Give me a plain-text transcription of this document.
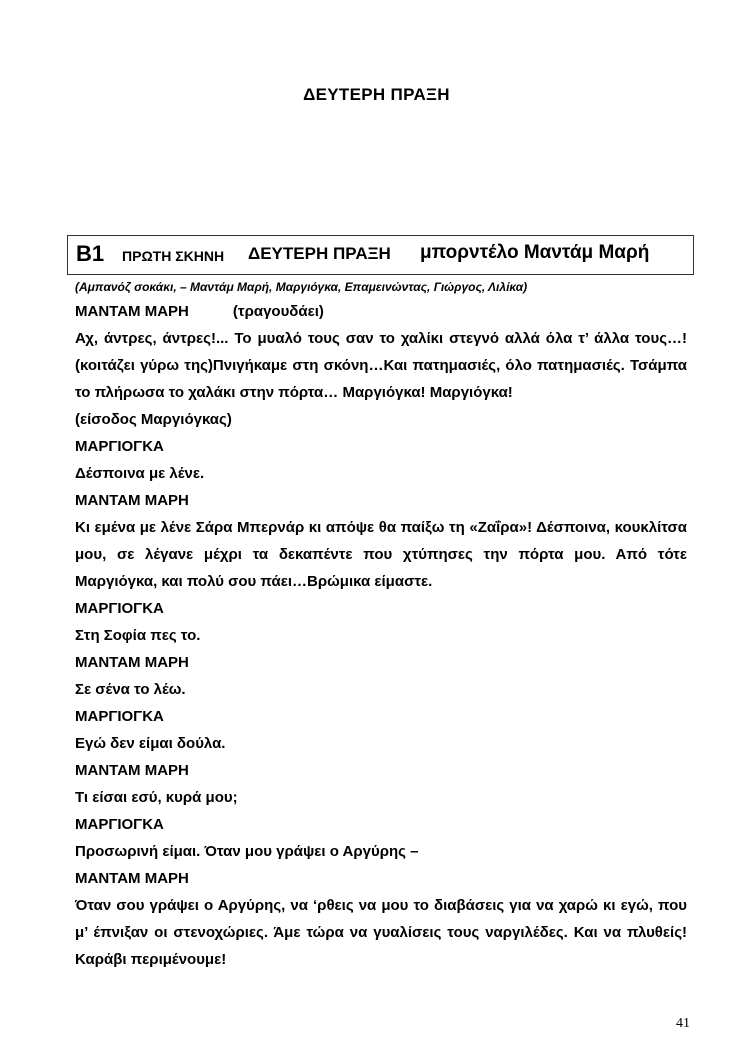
ΔΕΥΤΕΡΗ ΠΡΑΞΗ
Β1 ΠΡΩΤΗ ΣΚΗΝΗ ΔΕΥΤΕΡΗ ΠΡΑΞΗ μπορντέλο Μαντάμ Μαρή
(Αμπανόζ σοκάκι, – Μαντάμ Μαρή, Μαργιόγκα, Επαμεινώντας, Γιώργος, Λιλίκα)

ΜΑΝΤΑΜ ΜΑΡΗ	(τραγουδάει)

Αχ, άντρες, άντρες!... Το μυαλό τους σαν το χαλίκι στεγνό αλλά όλα τ’ άλλα τους…!(κοιτάζει γύρω της)Πνιγήκαμε στη σκόνη…Και πατημασιές, όλο πατημασιές. Τσάμπα το πλήρωσα το χαλάκι στην πόρτα… Μαργιόγκα! Μαργιόγκα!

(είσοδος Μαργιόγκας)

ΜΑΡΓΙΟΓΚΑ

Δέσποινα με λένε.

ΜΑΝΤΑΜ ΜΑΡΗ

Κι εμένα με λένε Σάρα Μπερνάρ κι απόψε θα παίξω τη «Ζαΐρα»! Δέσποινα, κουκλίτσα μου, σε λέγανε μέχρι τα δεκαπέντε που χτύπησες την πόρτα μου. Από τότε Μαργιόγκα, και πολύ σου πάει…Βρώμικα είμαστε.

ΜΑΡΓΙΟΓΚΑ

Στη Σοφία πες το.

ΜΑΝΤΑΜ ΜΑΡΗ

Σε σένα το λέω.

ΜΑΡΓΙΟΓΚΑ

Εγώ δεν είμαι δούλα.

ΜΑΝΤΑΜ ΜΑΡΗ

Τι είσαι εσύ, κυρά μου;

ΜΑΡΓΙΟΓΚΑ

Προσωρινή είμαι. Όταν μου γράψει ο Αργύρης –

ΜΑΝΤΑΜ ΜΑΡΗ

Όταν σου γράψει ο Αργύρης, να ‘ρθεις να μου το διαβάσεις για να χαρώ κι εγώ, που μ’ έπνιξαν οι στενοχώριες. Άμε τώρα να γυαλίσεις τους ναργιλέδες. Και να πλυθείς! Καράβι περιμένουμε!

41
